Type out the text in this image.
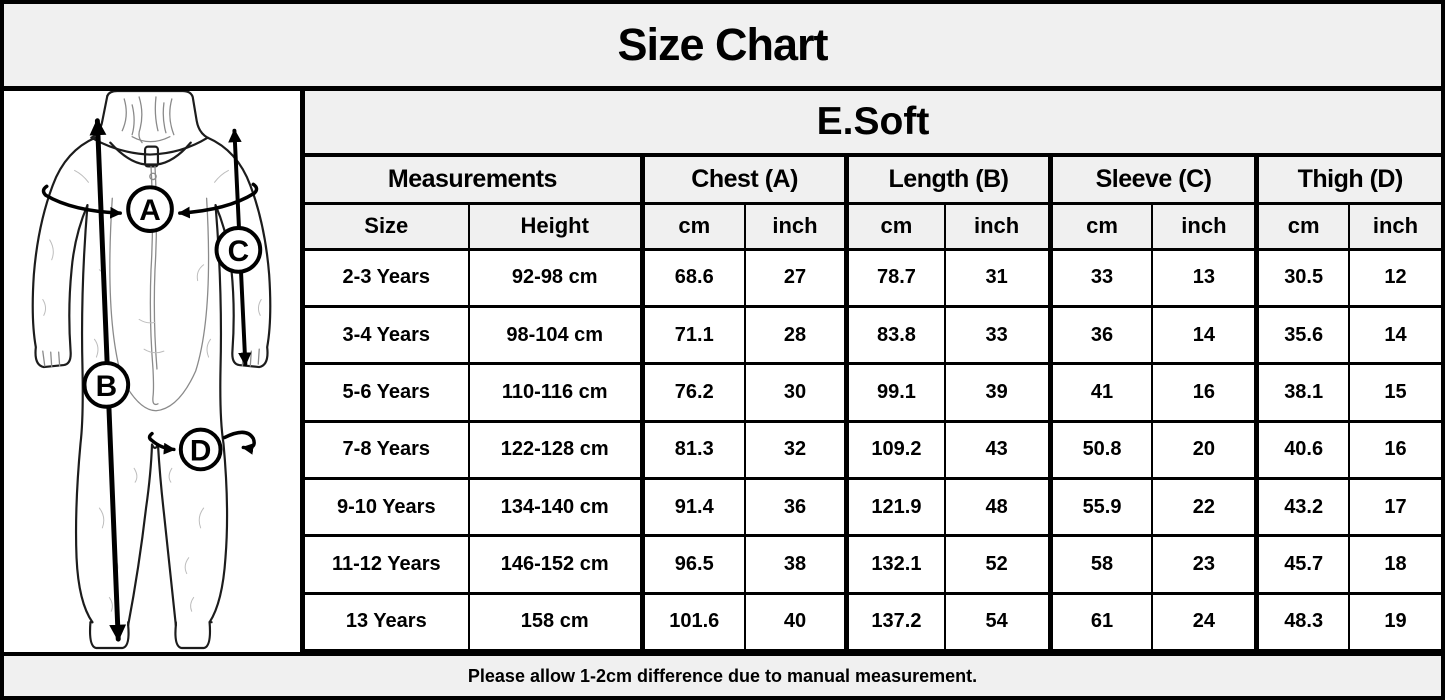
Size Chart
A
B
C
D
E.Soft
Measurements		Chest (A)		Length (B)		Sleeve (C)		Thigh (D)	
Size	Height	cm	inch	cm	inch	cm	inch	cm	inch
2-3 Years	92-98 cm	68.6	27	78.7	31	33	13	30.5	12
3-4 Years	98-104 cm	71.1	28	83.8	33	36	14	35.6	14
5-6 Years	110-116 cm	76.2	30	99.1	39	41	16	38.1	15
7-8 Years	122-128 cm	81.3	32	109.2	43	50.8	20	40.6	16
9-10 Years	134-140 cm	91.4	36	121.9	48	55.9	22	43.2	17
11-12 Years	146-152 cm	96.5	38	132.1	52	58	23	45.7	18
13 Years	158 cm	101.6	40	137.2	54	61	24	48.3	19
Please allow 1-2cm difference due to manual measurement.
